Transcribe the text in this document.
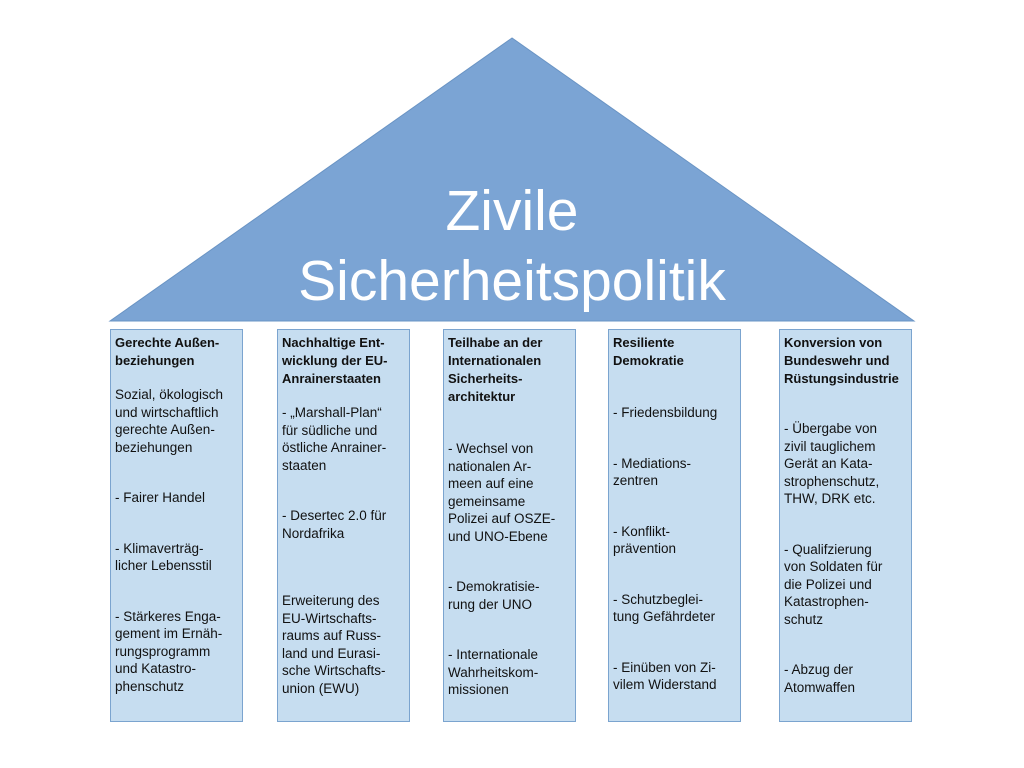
Zivile
Sicherheitspolitik
Gerechte Außen-
beziehungen
Sozial, ökologisch
und wirtschaftlich
gerechte Außen-
beziehungen
- Fairer Handel
- Klimaverträg-
licher Lebensstil
- Stärkeres Enga-
gement im Ernäh-
rungsprogramm
und Katastro-
phenschutz
Nachhaltige Ent-
wicklung der EU-
Anrainerstaaten
- „Marshall-Plan“
für südliche und
östliche Anrainer-
staaten
- Desertec 2.0 für
Nordafrika
Erweiterung des
EU-Wirtschafts-
raums auf Russ-
land und Eurasi-
sche Wirtschafts-
union (EWU)
Teilhabe an der
Internationalen
Sicherheits-
architektur
- Wechsel von
nationalen Ar-
meen auf eine
gemeinsame
Polizei auf OSZE-
und UNO-Ebene
- Demokratisie-
rung der UNO
- Internationale
Wahrheitskom-
missionen
Resiliente
Demokratie
- Friedensbildung
- Mediations-
zentren
- Konflikt-
prävention
- Schutzbeglei-
tung Gefährdeter
- Einüben von Zi-
vilem Widerstand
Konversion von
Bundeswehr und
Rüstungsindustrie
- Übergabe von
zivil tauglichem
Gerät an Kata-
strophenschutz,
THW, DRK etc.
- Qualifzierung
von Soldaten für
die Polizei und
Katastrophen-
schutz
- Abzug der
Atomwaffen
